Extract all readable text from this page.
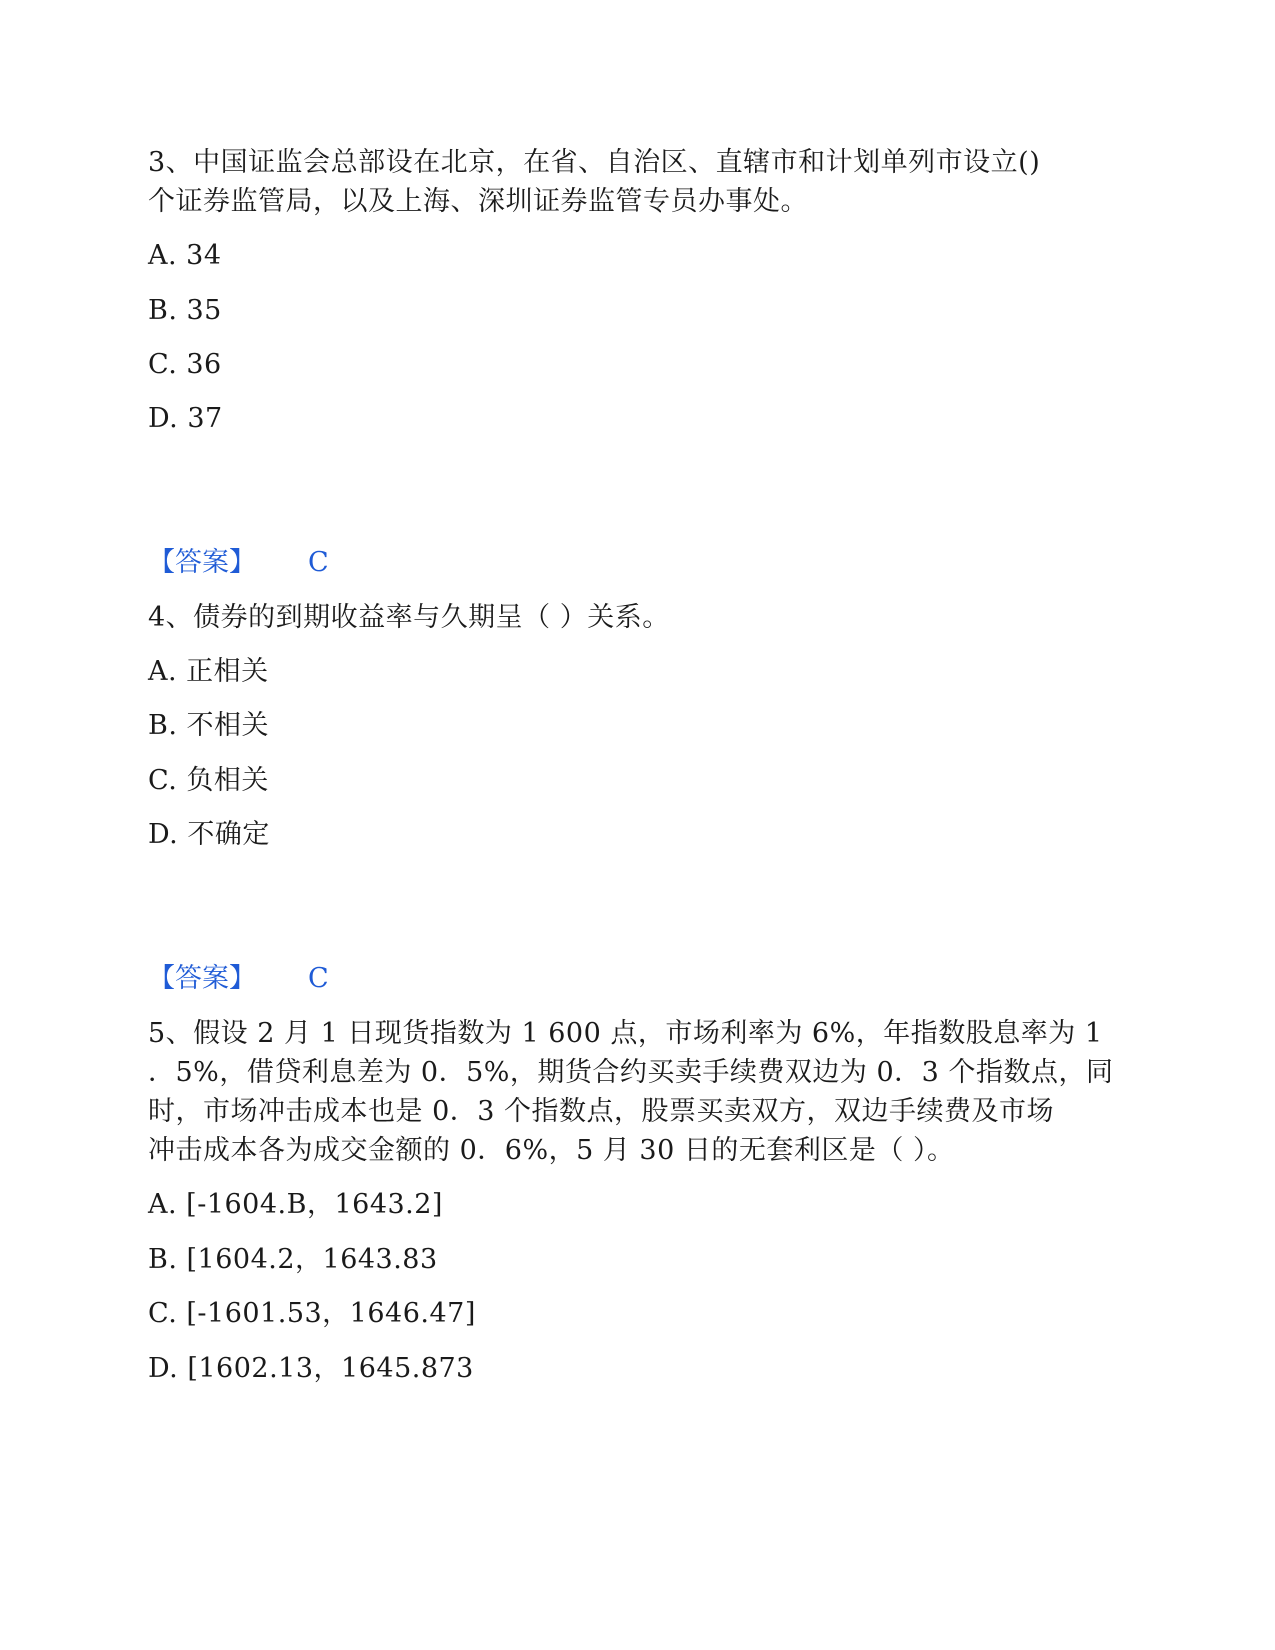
3、中国证监会总部设在北京，在省、自治区、直辖市和计划单列市设立()
个证券监管局，以及上海、深圳证券监管专员办事处。
A. 34
B. 35
C. 36
D. 37
【答案】 C
4、债券的到期收益率与久期呈（ ）关系。
A. 正相关
B. 不相关
C. 负相关
D. 不确定
【答案】 C
5、假设 2 月 1 日现货指数为 1 600 点，市场利率为 6%，年指数股息率为 1
．5%，借贷利息差为 0．5%，期货合约买卖手续费双边为 0．3 个指数点，同
时，市场冲击成本也是 0．3 个指数点，股票买卖双方，双边手续费及市场
冲击成本各为成交金额的 0．6%，5 月 30 日的无套利区是（ ）。
A. [-1604.B，1643.2]
B. [1604.2，1643.83
C. [-1601.53，1646.47]
D. [1602.13，1645.873
